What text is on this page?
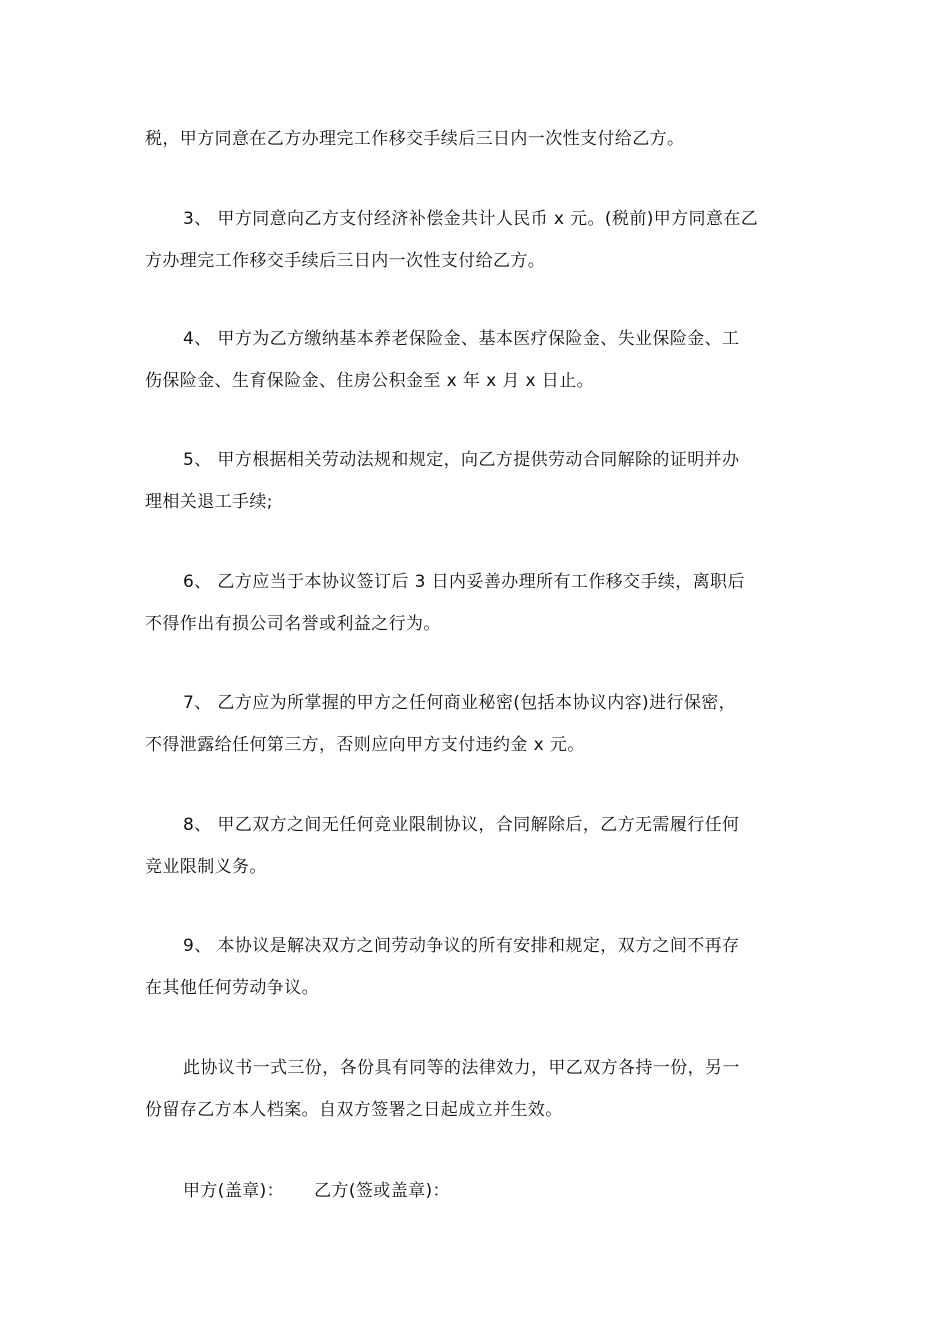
税，甲方同意在乙方办理完工作移交手续后三日内一次性支付给乙方。

3、 甲方同意向乙方支付经济补偿金共计人民币 x 元。(税前)甲方同意在乙
方办理完工作移交手续后三日内一次性支付给乙方。

4、 甲方为乙方缴纳基本养老保险金、基本医疗保险金、失业保险金、工
伤保险金、生育保险金、住房公积金至 x 年 x 月 x 日止。

5、 甲方根据相关劳动法规和规定，向乙方提供劳动合同解除的证明并办
理相关退工手续;

6、 乙方应当于本协议签订后 3 日内妥善办理所有工作移交手续，离职后
不得作出有损公司名誉或利益之行为。

7、 乙方应为所掌握的甲方之任何商业秘密(包括本协议内容)进行保密，
不得泄露给任何第三方，否则应向甲方支付违约金 x 元。

8、 甲乙双方之间无任何竞业限制协议，合同解除后，乙方无需履行任何
竞业限制义务。

9、 本协议是解决双方之间劳动争议的所有安排和规定，双方之间不再存
在其他任何劳动争议。

此协议书一式三份，各份具有同等的法律效力，甲乙双方各持一份，另一
份留存乙方本人档案。自双方签署之日起成立并生效。

甲方(盖章)： 乙方(签或盖章)：
